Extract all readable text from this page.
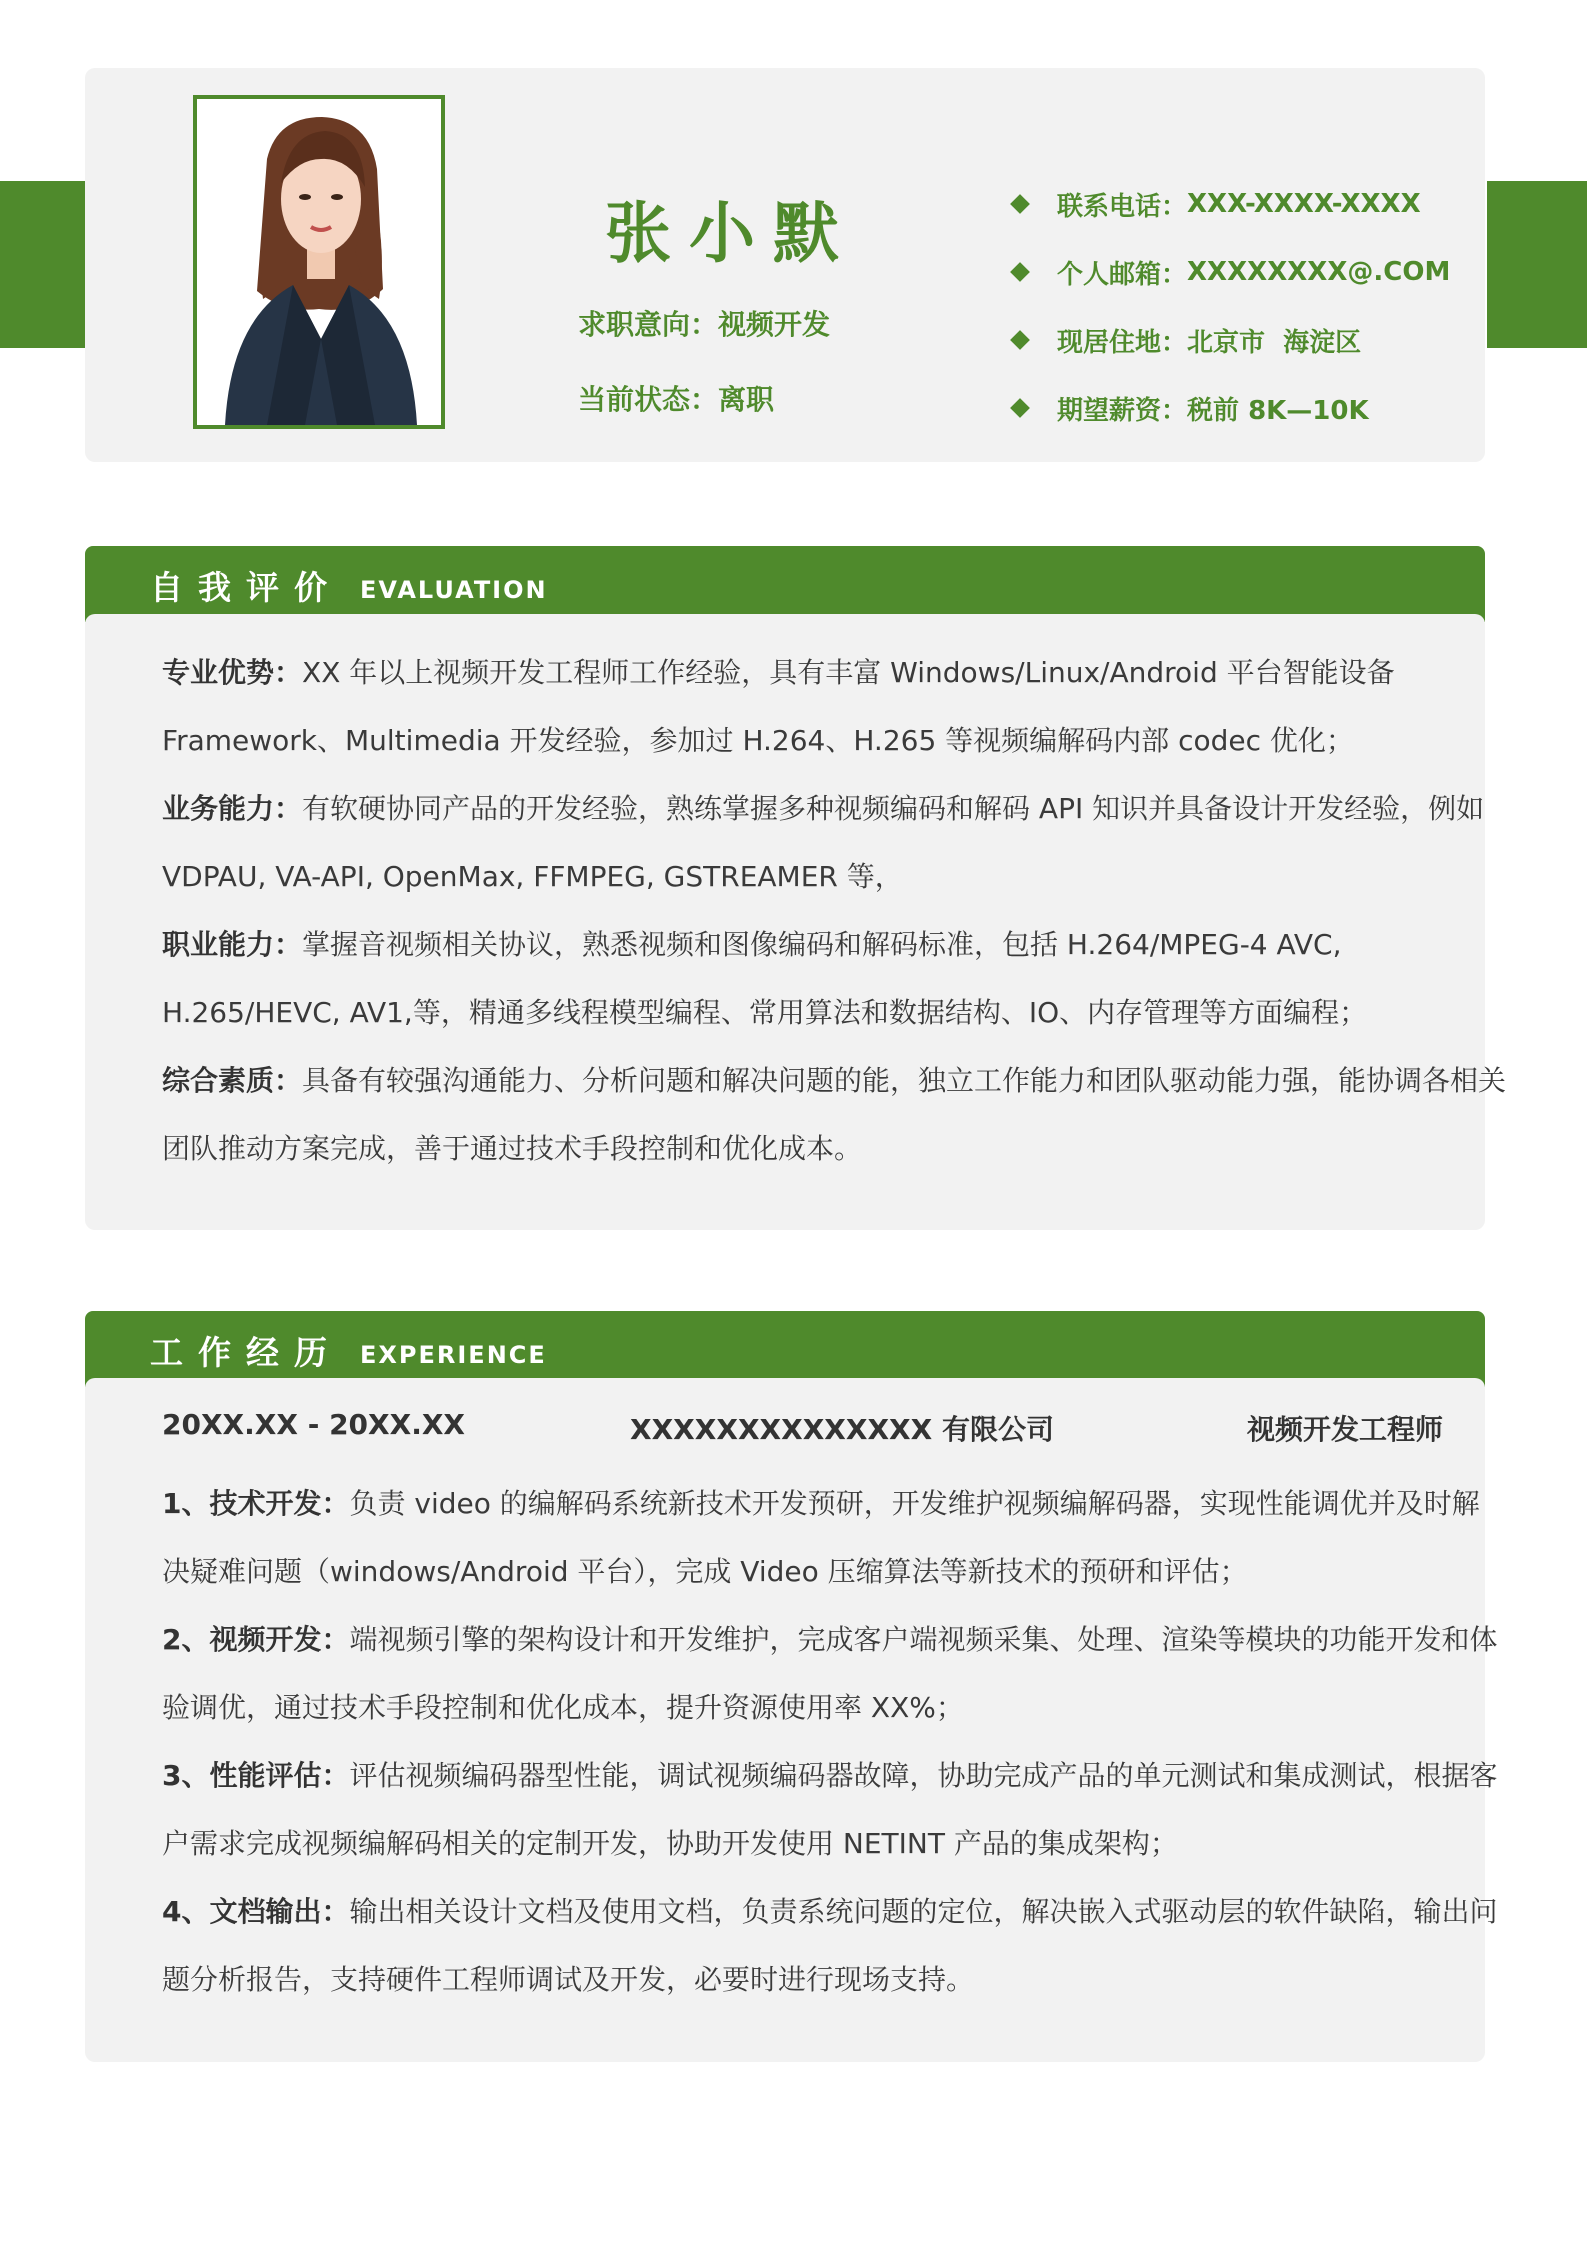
张小默
求职意向：视频开发
当前状态：离职
联系电话： XXX-XXXX-XXXX
个人邮箱： XXXXXXXX@.COM
现居住地： 北京市  海淀区
期望薪资： 税前 8K—10K
自我评价 EVALUATION
专业优势：XX 年以上视频开发工程师工作经验，具有丰富 Windows/Linux/Android 平台智能设备 Framework、Multimedia 开发经验，参加过 H.264、H.265 等视频编解码内部 codec 优化；
业务能力：有软硬协同产品的开发经验，熟练掌握多种视频编码和解码 API 知识并具备设计开发经验，例如 VDPAU, VA-API, OpenMax, FFMPEG, GSTREAMER 等，
职业能力：掌握音视频相关协议，熟悉视频和图像编码和解码标准，包括 H.264/MPEG-4 AVC, H.265/HEVC, AV1,等，精通多线程模型编程、常用算法和数据结构、IO、内存管理等方面编程；
综合素质：具备有较强沟通能力、分析问题和解决问题的能，独立工作能力和团队驱动能力强，能协调各相关团队推动方案完成，善于通过技术手段控制和优化成本。
工作经历 EXPERIENCE
20XX.XX - 20XX.XX	XXXXXXXXXXXXXX 有限公司	视频开发工程师
1、技术开发：负责 video 的编解码系统新技术开发预研，开发维护视频编解码器，实现性能调优并及时解决疑难问题（windows/Android 平台），完成 Video 压缩算法等新技术的预研和评估；
2、视频开发：端视频引擎的架构设计和开发维护，完成客户端视频采集、处理、渲染等模块的功能开发和体验调优，通过技术手段控制和优化成本，提升资源使用率 XX%；
3、性能评估：评估视频编码器型性能，调试视频编码器故障，协助完成产品的单元测试和集成测试，根据客户需求完成视频编解码相关的定制开发，协助开发使用 NETINT 产品的集成架构；
4、文档输出：输出相关设计文档及使用文档，负责系统问题的定位，解决嵌入式驱动层的软件缺陷，输出问题分析报告，支持硬件工程师调试及开发，必要时进行现场支持。
